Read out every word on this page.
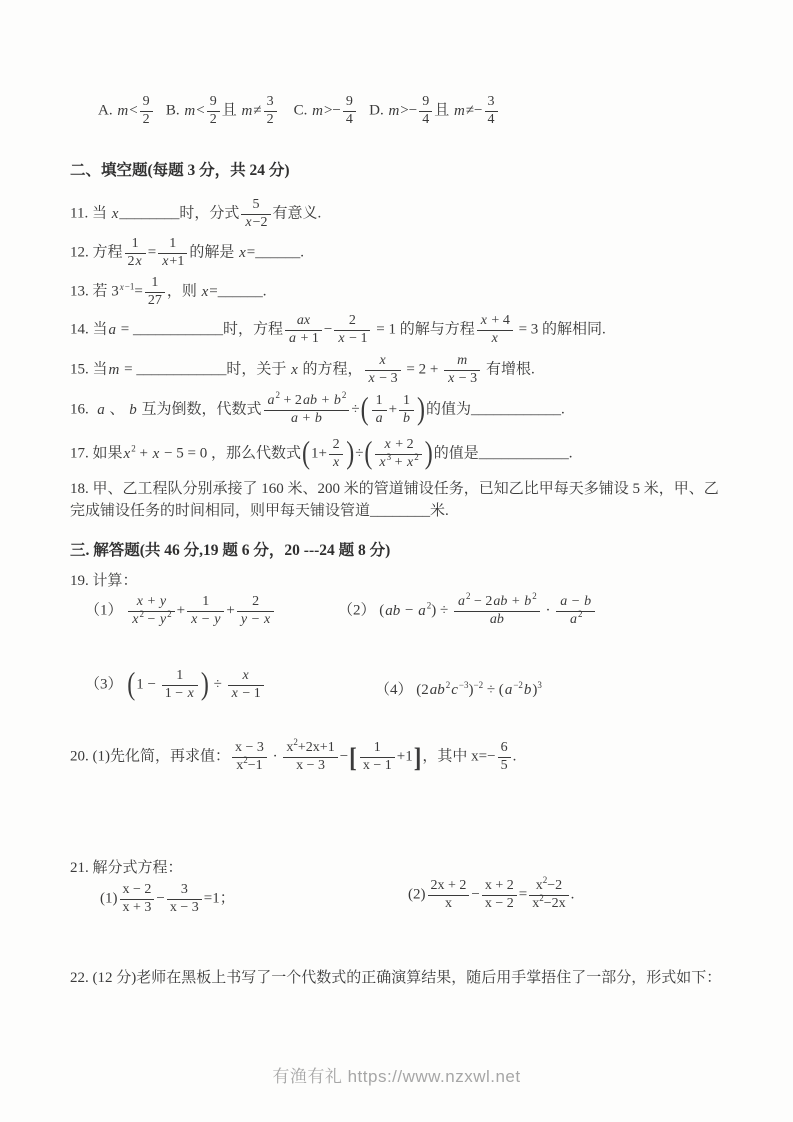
A. $m< \frac{9}{2} B$. $m< \frac{9}{2}$ 且 $m\ne \frac{3}{2} C$. $m>- \frac{9}{4} D$. $m>- \frac{9}{4}$ 且 $m\ne- \frac{3}{4}$
二、填空题(每题 3 分，共 24 分)
11. 当 x________时，分式 $\frac{5}{x-2}$ 有意义.
12. 方程 $\frac{1}{2x} = \frac{1}{x+1}$ 的解是 x=______.
13. 若 $3^{x-1}= \frac{1}{27}$ ，则 x=______.
14. 当a = ____________时，方程 $\frac{ax}{a + 1} - \frac{2}{x - 1} = 1$ 的解与方程 $\frac{x + 4}{x} = 3$ 的解相同.
15. 当m = ____________时，关于 x 的方程， $\frac{x}{x - 3} = 2 + \frac{m}{x - 3}$ 有增根.
16.  a 、 b 互为倒数，代数式 $\frac{a^2 + 2ab + b^2}{a + b}$ ÷( $\frac{1}{a} + \frac{1}{b}$ )的值为____________.
17. 如果$x^2 + x - 5 = 0$ ，那么代数式($1+ \frac{2}{x}$ )÷( $\frac{x + 2}{x^3 + x^2}$ )的值是____________.
18. 甲、乙工程队分别承接了 160 米、200 米的管道铺设任务，已知乙比甲每天多铺设 5 米，甲、乙完成铺设任务的时间相同，则甲每天铺设管道________米.
三. 解答题(共 46 分,19 题 6 分，20 ---24 题 8 分)
19. 计算：
$(1) \frac{x + y}{x^2 - y^2} + \frac{1}{x - y} + \frac{2}{y - x}$	（2） $(ab - a^2) \div \frac{a^2 - 2ab + b^2}{ab} \cdot \frac{a - b}{a^2}$
（3） ($1 - \frac{1}{1 - x}$ ) ÷ $\frac{x}{x - 1}$	（4） $(2ab^2c^{-3})^{-2} \div (a^{-2}b)^3$
20. (1)先化简，再求值： $\frac{x - 3}{x^2-1} \cdot \frac{x^2+2x+1}{x - 3}$ −[ $\frac{1}{x - 1} +1$]，其中 $x=- \frac{6}{5}$ .
21. 解分式方程：
$(1) \frac{x - 2}{x + 3} - \frac{3}{x - 3} =1$；	$(2) \frac{2x + 2}{x} - \frac{x + 2}{x - 2} = \frac{x^2-2}{x^2-2x}$ .
22. (12 分)老师在黑板上书写了一个代数式的正确演算结果，随后用手掌捂住了一部分，形式如下：
有渔有礼 https://www.nzxwl.net
